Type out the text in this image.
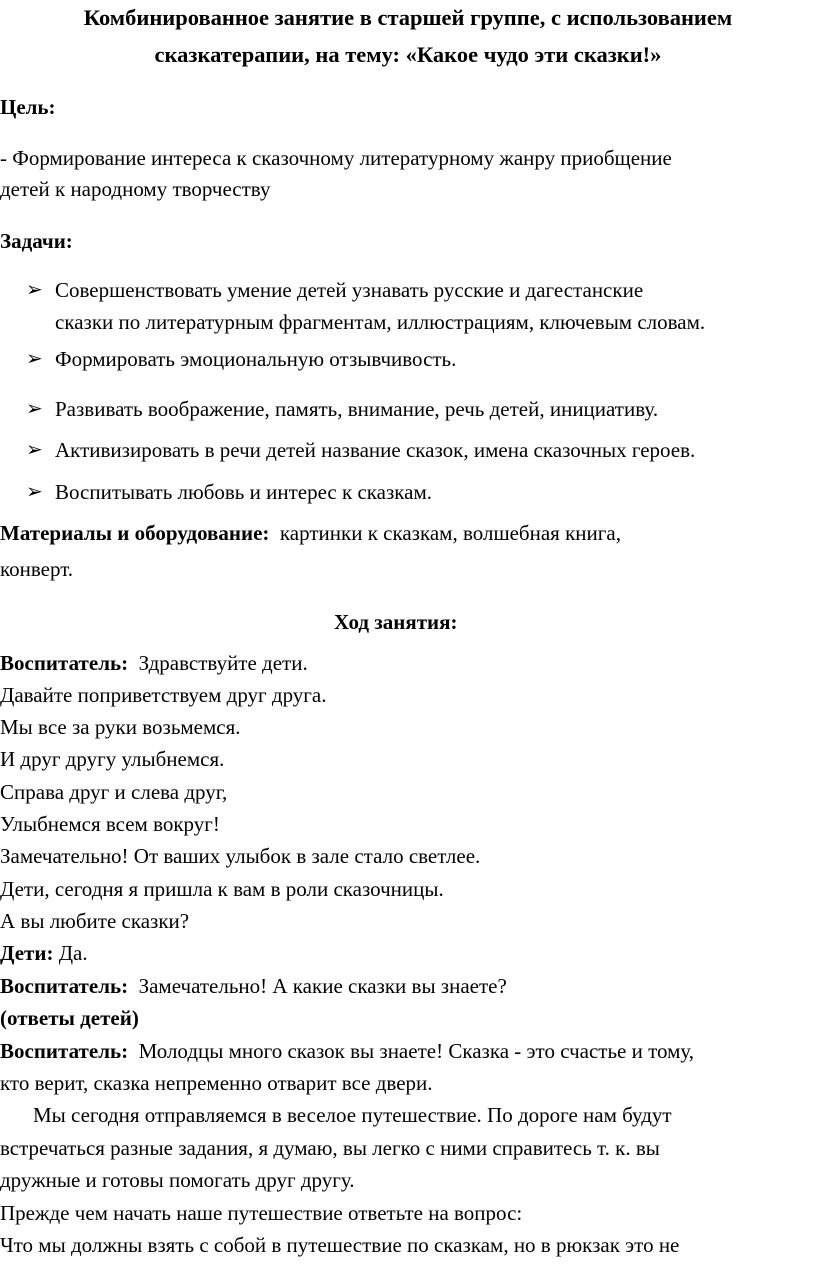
Комбинированное занятие в старшей группе, с использованием
сказкатерапии, на тему: «Какое чудо эти сказки!»
Цель:
- Формирование интереса к сказочному литературному жанру приобщение
детей к народному творчеству
Задачи:
➢ Совершенствовать умение детей узнавать русские и дагестанские
сказки по литературным фрагментам, иллюстрациям, ключевым словам.
➢ Формировать эмоциональную отзывчивость.
➢ Развивать воображение, память, внимание, речь детей, инициативу.
➢ Активизировать в речи детей название сказок, имена сказочных героев.
➢ Воспитывать любовь и интерес к сказкам.
Материалы и оборудование: картинки к сказкам, волшебная книга,
конверт.
Ход занятия:
Воспитатель: Здравствуйте дети.
Давайте поприветствуем друг друга.
Мы все за руки возьмемся.
И друг другу улыбнемся.
Справа друг и слева друг,
Улыбнемся всем вокруг!
Замечательно! От ваших улыбок в зале стало светлее.
Дети, сегодня я пришла к вам в роли сказочницы.
А вы любите сказки?
Дети: Да.
Воспитатель: Замечательно! А какие сказки вы знаете?
(ответы детей)
Воспитатель: Молодцы много сказок вы знаете! Сказка - это счастье и тому,
кто верит, сказка непременно отварит все двери.
Мы сегодня отправляемся в веселое путешествие. По дороге нам будут
встречаться разные задания, я думаю, вы легко с ними справитесь т. к. вы
дружные и готовы помогать друг другу.
Прежде чем начать наше путешествие ответьте на вопрос:
Что мы должны взять с собой в путешествие по сказкам, но в рюкзак это не
